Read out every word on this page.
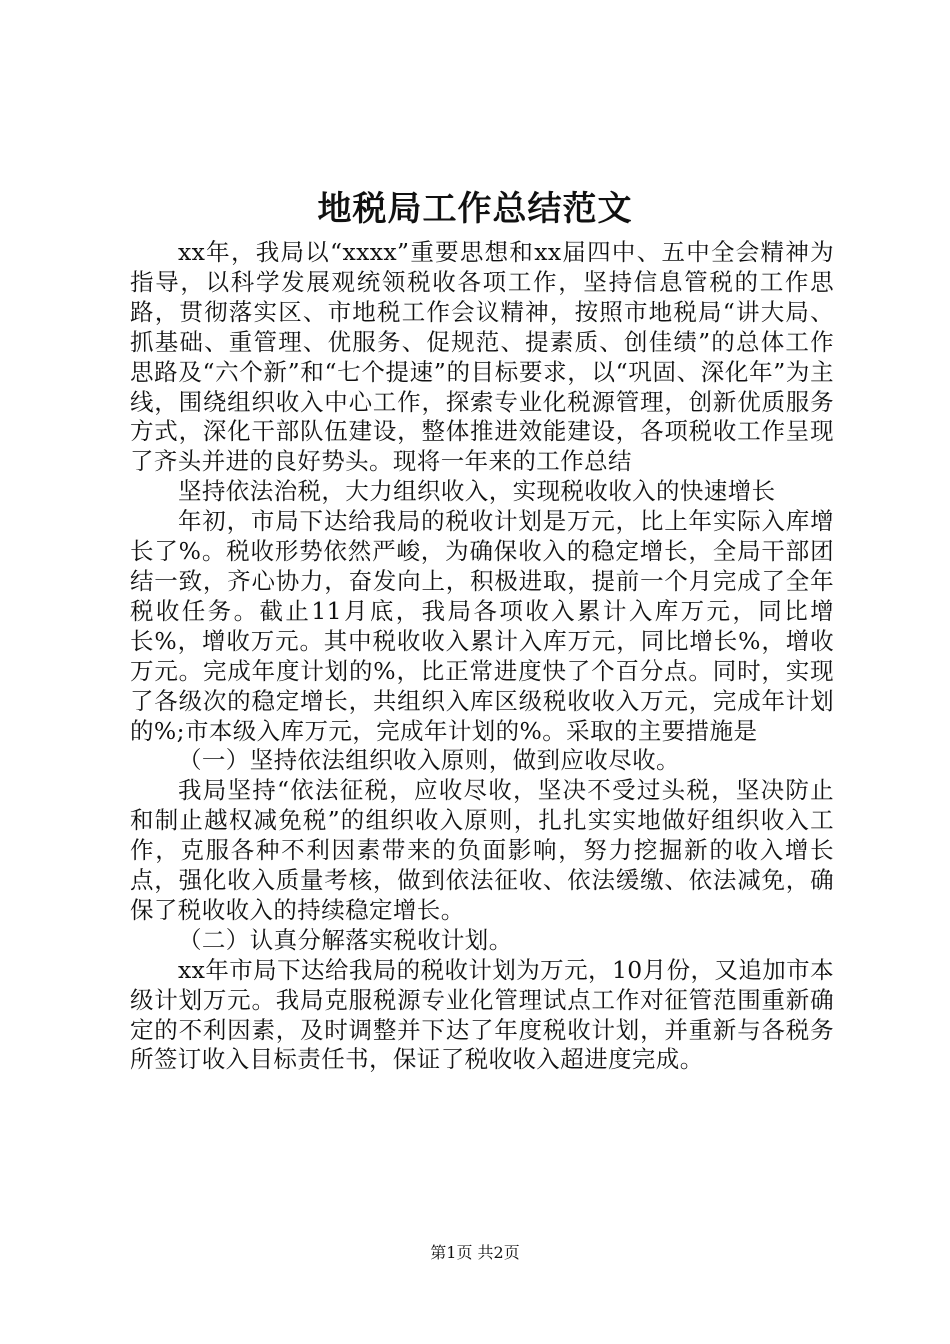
地税局工作总结范文

xx年，我局以“xxxx”重要思想和xx届四中、五中全会精神为指导，以科学发展观统领税收各项工作，坚持信息管税的工作思路，贯彻落实区、市地税工作会议精神，按照市地税局“讲大局、抓基础、重管理、优服务、促规范、提素质、创佳绩”的总体工作思路及“六个新”和“七个提速”的目标要求，以“巩固、深化年”为主线，围绕组织收入中心工作，探索专业化税源管理，创新优质服务方式，深化干部队伍建设，整体推进效能建设，各项税收工作呈现了齐头并进的良好势头。现将一年来的工作总结

坚持依法治税，大力组织收入，实现税收收入的快速增长

年初，市局下达给我局的税收计划是万元，比上年实际入库增长了%。税收形势依然严峻，为确保收入的稳定增长，全局干部团结一致，齐心协力，奋发向上，积极进取，提前一个月完成了全年税收任务。截止11月底，我局各项收入累计入库万元，同比增长%，增收万元。其中税收收入累计入库万元，同比增长%，增收万元。完成年度计划的%，比正常进度快了个百分点。同时，实现了各级次的稳定增长，共组织入库区级税收收入万元，完成年计划的%;市本级入库万元，完成年计划的%。采取的主要措施是

（一）坚持依法组织收入原则，做到应收尽收。

我局坚持“依法征税，应收尽收，坚决不受过头税，坚决防止和制止越权减免税”的组织收入原则，扎扎实实地做好组织收入工作，克服各种不利因素带来的负面影响，努力挖掘新的收入增长点，强化收入质量考核，做到依法征收、依法缓缴、依法减免，确保了税收收入的持续稳定增长。

（二）认真分解落实税收计划。

xx年市局下达给我局的税收计划为万元，10月份，又追加市本级计划万元。我局克服税源专业化管理试点工作对征管范围重新确定的不利因素，及时调整并下达了年度税收计划，并重新与各税务所签订收入目标责任书，保证了税收收入超进度完成。

第1页 共2页
